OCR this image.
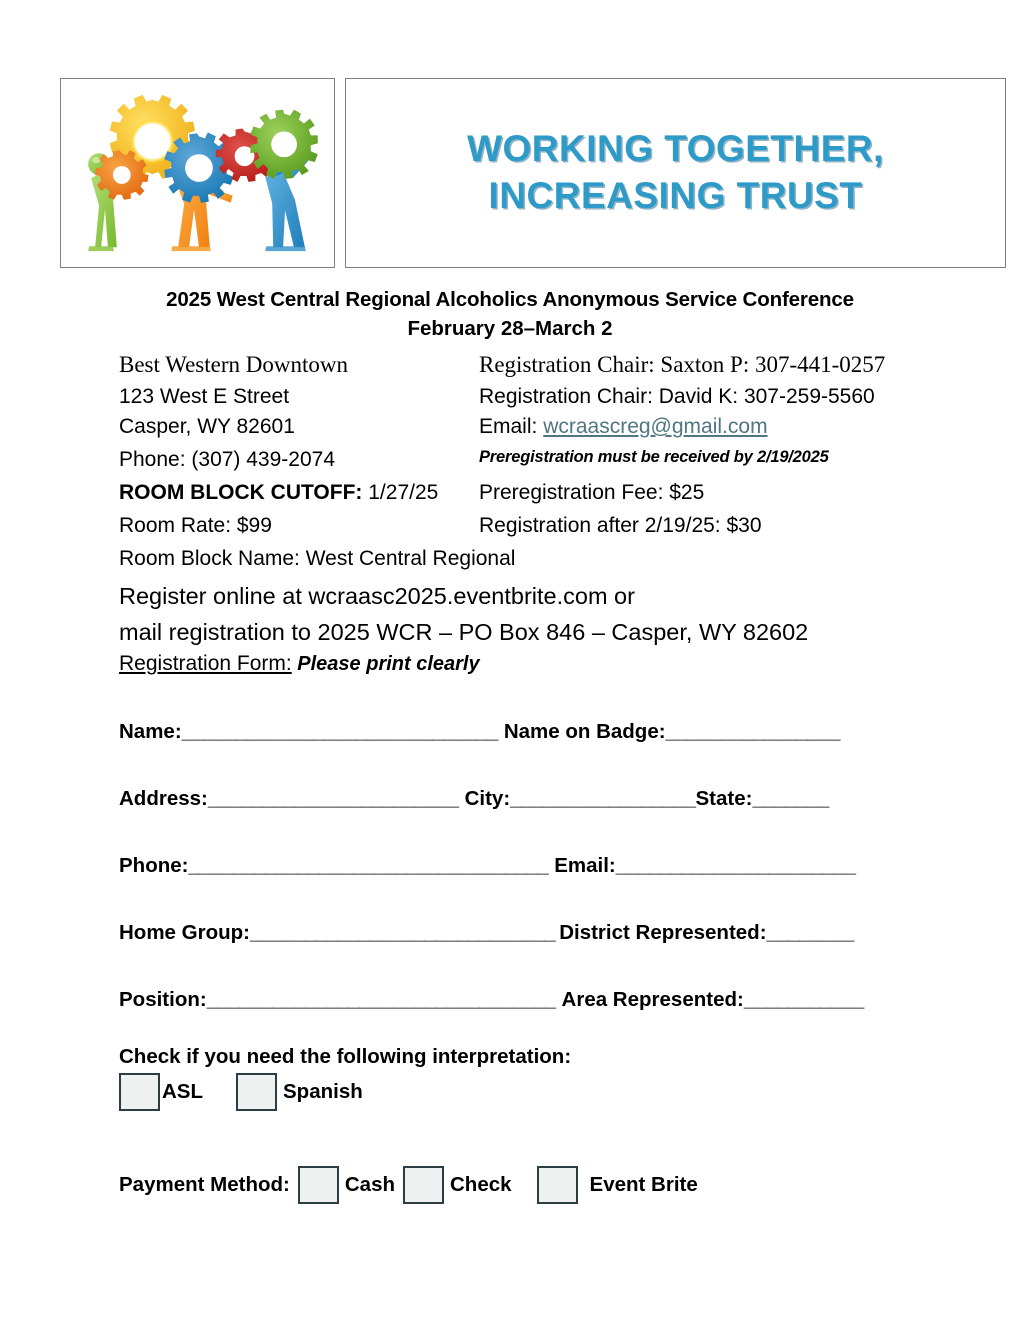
WORKING TOGETHER,
INCREASING TRUST
2025 West Central Regional Alcoholics Anonymous Service Conference
February 28–March 2
Best Western Downtown	Registration Chair: Saxton P: 307-441-0257
123 West E Street	Registration Chair: David K: 307-259-5560
Casper, WY 82601	Email: wcraascreg@gmail.com
Phone: (307) 439-2074	Preregistration must be received by 2/19/2025
ROOM BLOCK CUTOFF: 1/27/25 Preregistration Fee: $25
Room Rate: $99	Registration after 2/19/25: $30
Room Block Name: West Central Regional
Register online at wcraasc2025.eventbrite.com or
mail registration to 2025 WCR – PO Box 846 – Casper, WY 82602
Registration Form: Please print clearly
Name:_____________________________ Name on Badge:________________
Address:_______________________ City:_________________State:_______
Phone:_________________________________ Email:______________________
Home Group:____________________________ District Represented:________
Position:________________________________ Area Represented:___________
Check if you need the following interpretation:
ASL	Spanish
Payment Method:	Cash	Check	Event Brite
